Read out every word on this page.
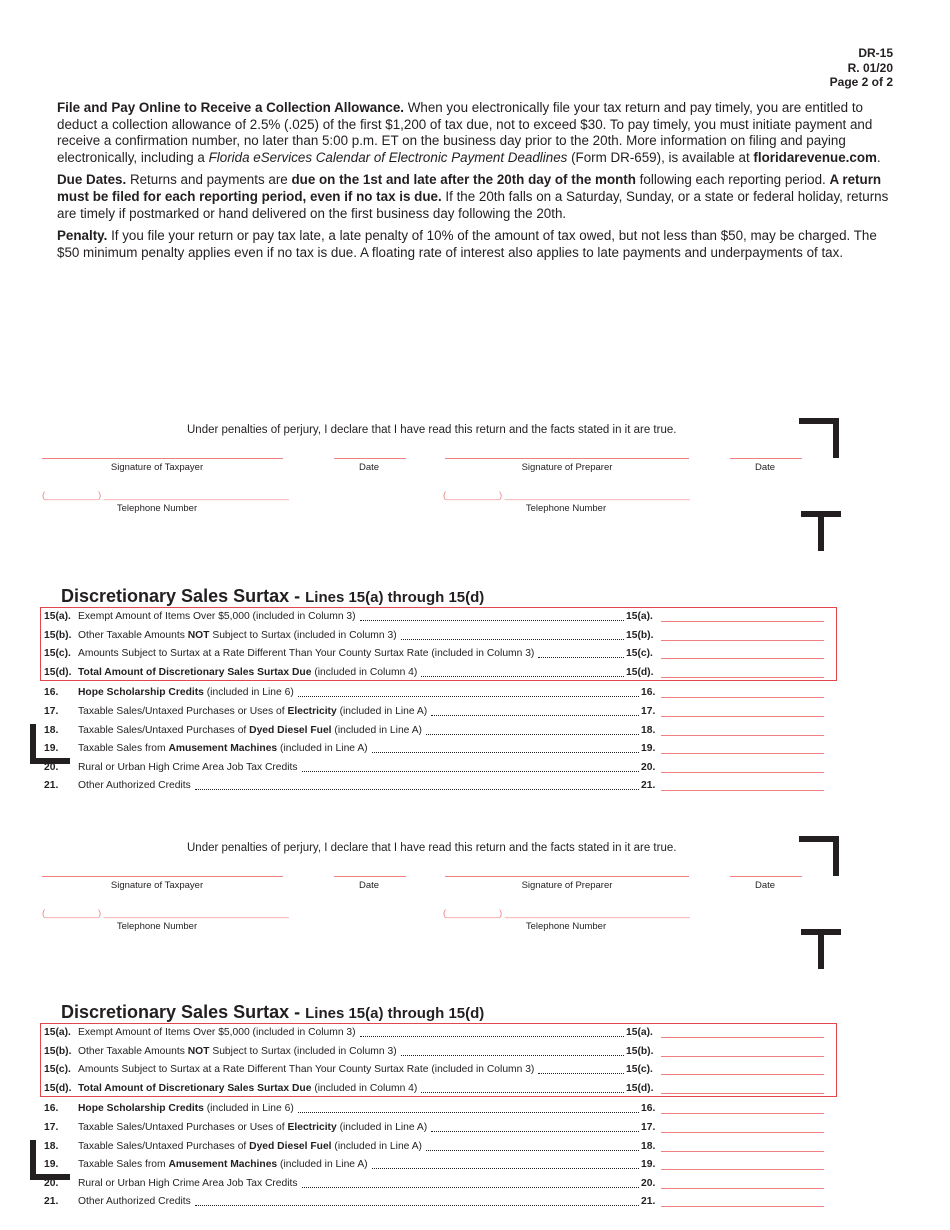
DR-15
R. 01/20
Page 2 of 2

File and Pay Online to Receive a Collection Allowance. When you electronically file your tax return and pay timely, you are entitled to deduct a collection allowance of 2.5% (.025) of the first $1,200 of tax due, not to exceed $30. To pay timely, you must initiate payment and receive a confirmation number, no later than 5:00 p.m. ET on the business day prior to the 20th. More information on filing and paying electronically, including a Florida eServices Calendar of Electronic Payment Deadlines (Form DR-659), is available at floridarevenue.com.

Due Dates. Returns and payments are due on the 1st and late after the 20th day of the month following each reporting period. A return must be filed for each reporting period, even if no tax is due. If the 20th falls on a Saturday, Sunday, or a state or federal holiday, returns are timely if postmarked or hand delivered on the first business day following the 20th.

Penalty. If you file your return or pay tax late, a late penalty of 10% of the amount of tax owed, but not less than $50, may be charged. The $50 minimum penalty applies even if no tax is due. A floating rate of interest also applies to late payments and underpayments of tax.

Under penalties of perjury, I declare that I have read this return and the facts stated in it are true.
Signature of Taxpayer	Date	Signature of Preparer	Date
(__________) ___________________________________
Telephone Number
(__________) ___________________________________
Telephone Number
Discretionary Sales Surtax - Lines 15(a) through 15(d)
15(a). Exempt Amount of Items Over $5,000 (included in Column 3)	15(a).
15(b). Other Taxable Amounts NOT Subject to Surtax (included in Column 3)	15(b).
15(c). Amounts Subject to Surtax at a Rate Different Than Your County Surtax Rate (included in Column 3)	15(c).
15(d). Total Amount of Discretionary Sales Surtax Due (included in Column 4)	15(d).
16. Hope Scholarship Credits (included in Line 6)	16.
17. Taxable Sales/Untaxed Purchases or Uses of Electricity (included in Line A)	17.
18. Taxable Sales/Untaxed Purchases of Dyed Diesel Fuel (included in Line A)	18.
19. Taxable Sales from Amusement Machines (included in Line A)	19.
20. Rural or Urban High Crime Area Job Tax Credits	20.
21. Other Authorized Credits	21.
Under penalties of perjury, I declare that I have read this return and the facts stated in it are true.
Signature of Taxpayer	Date	Signature of Preparer	Date
(__________) ___________________________________
Telephone Number
(__________) ___________________________________
Telephone Number
Discretionary Sales Surtax - Lines 15(a) through 15(d)
15(a). Exempt Amount of Items Over $5,000 (included in Column 3)	15(a).
15(b). Other Taxable Amounts NOT Subject to Surtax (included in Column 3)	15(b).
15(c). Amounts Subject to Surtax at a Rate Different Than Your County Surtax Rate (included in Column 3)	15(c).
15(d). Total Amount of Discretionary Sales Surtax Due (included in Column 4)	15(d).
16. Hope Scholarship Credits (included in Line 6)	16.
17. Taxable Sales/Untaxed Purchases or Uses of Electricity (included in Line A)	17.
18. Taxable Sales/Untaxed Purchases of Dyed Diesel Fuel (included in Line A)	18.
19. Taxable Sales from Amusement Machines (included in Line A)	19.
20. Rural or Urban High Crime Area Job Tax Credits	20.
21. Other Authorized Credits	21.
